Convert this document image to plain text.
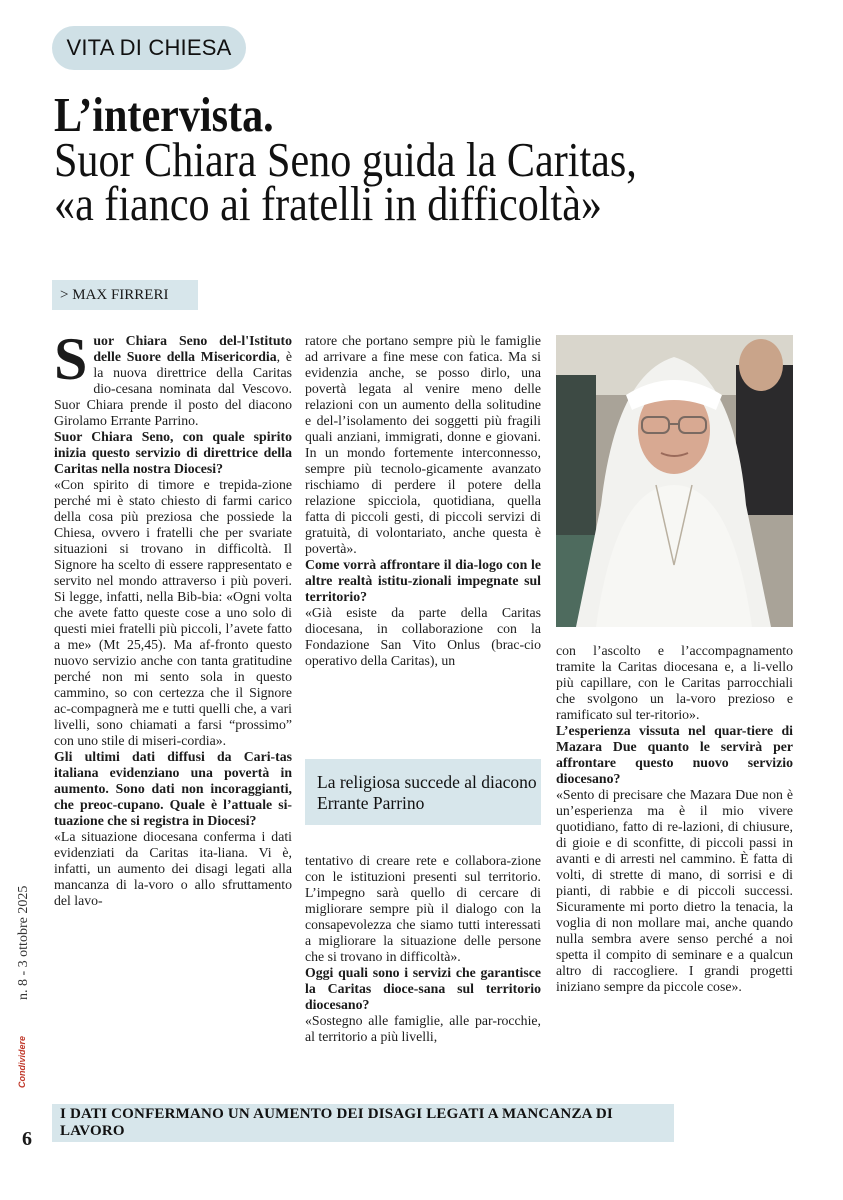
VITA DI CHIESA
L’intervista.
Suor Chiara Seno guida la Caritas,
«a fianco ai fratelli in difficoltà»
> MAX FIRRERI
S uor Chiara Seno del-l'Istituto delle Suore della Misericordia, è la nuova direttrice della Caritas dio-cesana nominata dal Vescovo. Suor Chiara prende il posto del diacono Girolamo Errante Parrino.
Suor Chiara Seno, con quale spirito inizia questo servizio di direttrice della Caritas nella nostra Diocesi?
«Con spirito di timore e trepida-zione perché mi è stato chiesto di farmi carico della cosa più preziosa che possiede la Chiesa, ovvero i fratelli che per svariate situazioni si trovano in difficoltà. Il Signore ha scelto di essere rappresentato e servito nel mondo attraverso i più poveri. Si legge, infatti, nella Bib-bia: «Ogni volta che avete fatto queste cose a uno solo di questi miei fratelli più piccoli, l’avete fatto a me» (Mt 25,45). Ma af-fronto questo nuovo servizio anche con tanta gratitudine perché non mi sento sola in questo cammino, so con certezza che il Signore ac-compagnerà me e tutti quelli che, a vari livelli, sono chiamati a farsi “prossimo” con uno stile di miseri-cordia».
Gli ultimi dati diffusi da Cari-tas italiana evidenziano una povertà in aumento. Sono dati non incoraggianti, che preoc-cupano. Quale è l’attuale si-tuazione che si registra in Diocesi?
«La situazione diocesana conferma i dati evidenziati da Caritas ita-liana. Vi è, infatti, un aumento dei disagi legati alla mancanza di la-voro o allo sfruttamento del lavo-
ratore che portano sempre più le famiglie ad arrivare a fine mese con fatica. Ma si evidenzia anche, se posso dirlo, una povertà legata al venire meno delle relazioni con un aumento della solitudine e del-l’isolamento dei soggetti più fragili quali anziani, immigrati, donne e giovani. In un mondo fortemente interconnesso, sempre più tecnolo-gicamente avanzato rischiamo di perdere il potere della relazione spicciola, quotidiana, quella fatta di piccoli gesti, di piccoli servizi di gratuità, di volontariato, anche questa è povertà».
Come vorrà affrontare il dia-logo con le altre realtà istitu-zionali impegnate sul territorio?
«Già esiste da parte della Caritas diocesana, in collaborazione con la Fondazione San Vito Onlus (brac-cio operativo della Caritas), un
La religiosa succede al diacono Errante Parrino
tentativo di creare rete e collabora-zione con le istituzioni presenti sul territorio. L’impegno sarà quello di cercare di migliorare sempre più il dialogo con la consapevolezza che siamo tutti interessati a migliorare la situazione delle persone che si trovano in difficoltà».
Oggi quali sono i servizi che garantisce la Caritas dioce-sana sul territorio diocesano?
«Sostegno alle famiglie, alle par-rocchie, al territorio a più livelli,
con l’ascolto e l’accompagnamento tramite la Caritas diocesana e, a li-vello più capillare, con le Caritas parrocchiali che svolgono un la-voro prezioso e ramificato sul ter-ritorio».
L’esperienza vissuta nel quar-tiere di Mazara Due quanto le servirà per affrontare questo nuovo servizio diocesano?
«Sento di precisare che Mazara Due non è un’esperienza ma è il mio vivere quotidiano, fatto di re-lazioni, di chiusure, di gioie e di sconfitte, di piccoli passi in avanti e di arresti nel cammino. È fatta di volti, di strette di mano, di sorrisi e di pianti, di rabbie e di piccoli successi. Sicuramente mi porto dietro la tenacia, la voglia di non mollare mai, anche quando nulla sembra avere senso perché a noi spetta il compito di seminare e a qualcun altro di raccogliere. I grandi progetti iniziano sempre da piccole cose».
I DATI CONFERMANO UN AUMENTO DEI DISAGI LEGATI A MANCANZA DI LAVORO
n. 8 - 3 ottobre 2025
Condividere
6
